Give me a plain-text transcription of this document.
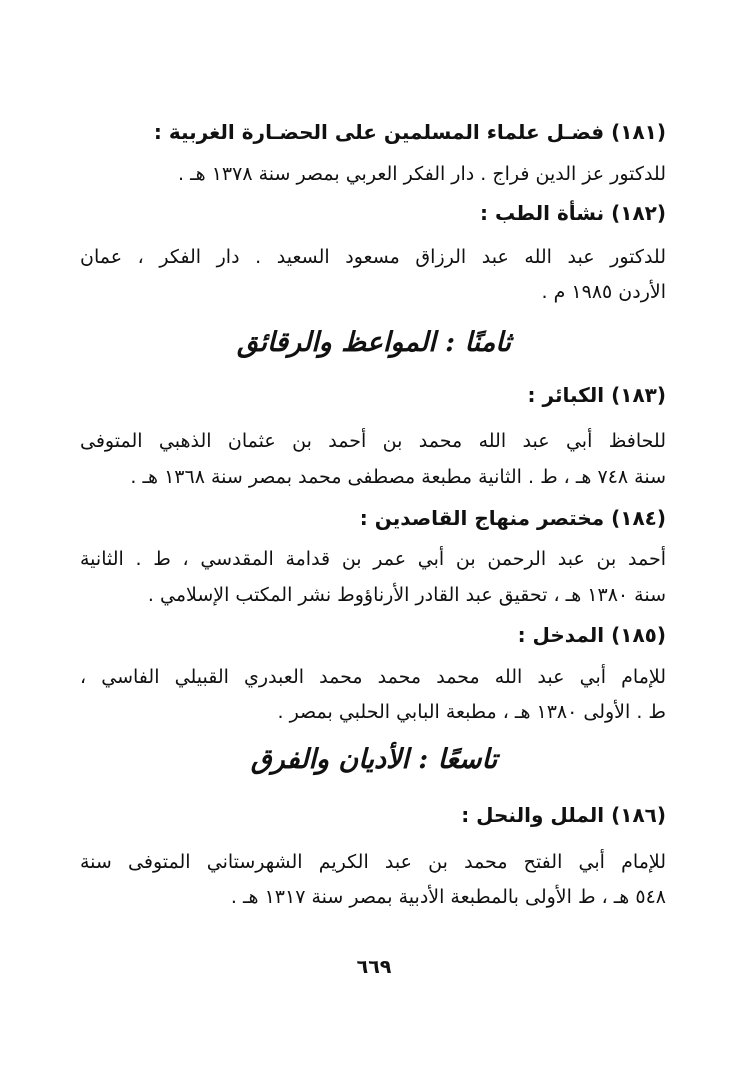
(١٨١) فضـل علماء المسلمين على الحضـارة الغربية :
للدكتور عز الدين فراج . دار الفكر العربي بمصر سنة ١٣٧٨ هـ .
(١٨٢) نشأة الطب :
للدكتور عبد الله عبد الرزاق مسعود السعيد . دار الفكر ، عمان
الأردن ١٩٨٥ م .
ثامنًا : المواعظ والرقائق
(١٨٣) الكبائر :
للحافظ أبي عبد الله محمد بن أحمد بن عثمان الذهبي المتوفى
سنة ٧٤٨ هـ ، ط . الثانية مطبعة مصطفى محمد بمصر سنة ١٣٦٨ هـ .
(١٨٤) مختصر منهاج القاصدين :
أحمد بن عبد الرحمن بن أبي عمر بن قدامة المقدسي ، ط . الثانية
سنة ١٣٨٠ هـ ، تحقيق عبد القادر الأرناؤوط نشر المكتب الإسلامي .
(١٨٥) المدخل :
للإمام أبي عبد الله محمد محمد محمد العبدري القبيلي الفاسي ،
ط . الأولى ١٣٨٠ هـ ، مطبعة البابي الحلبي بمصر .
تاسعًا : الأديان والفرق
(١٨٦) الملل والنحل :
للإمام أبي الفتح محمد بن عبد الكريم الشهرستاني المتوفى سنة
٥٤٨ هـ ، ط الأولى بالمطبعة الأدبية بمصر سنة ١٣١٧ هـ .
٦٦٩
